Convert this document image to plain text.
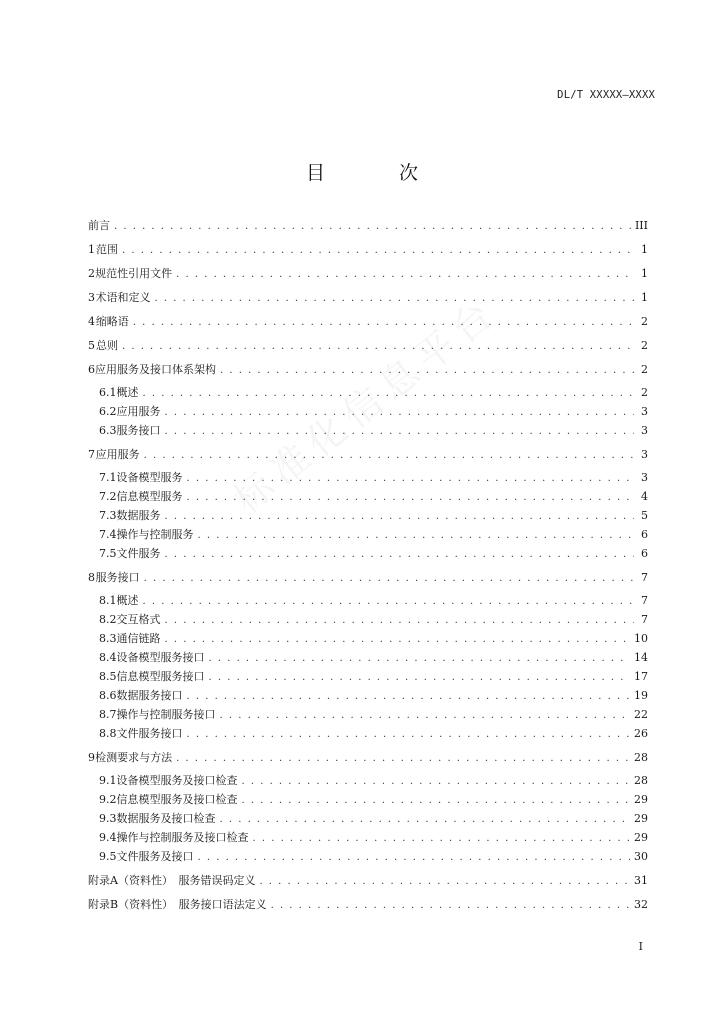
DL/T XXXXX—XXXX
目 次
标准化信息平台
前言 . . .	III
1 范围 . . .	1
2 规范性引用文件 . . .	1
3 术语和定义 . . .	1
4 缩略语 . . .	2
5 总则 . . .	2
6 应用服务及接口体系架构 . . .	2
6.1 概述 . . .	2
6.2 应用服务 . . .	3
6.3 服务接口 . . .	3
7 应用服务 . . .	3
7.1 设备模型服务 . . .	3
7.2 信息模型服务 . . .	4
7.3 数据服务 . . .	5
7.4 操作与控制服务 . . .	6
7.5 文件服务 . . .	6
8 服务接口 . . .	7
8.1 概述 . . .	7
8.2 交互格式 . . .	7
8.3 通信链路 . . .	10
8.4 设备模型服务接口 . . .	14
8.5 信息模型服务接口 . . .	17
8.6 数据服务接口 . . .	19
8.7 操作与控制服务接口 . . .	22
8.8 文件服务接口 . . .	26
9 检测要求与方法 . . .	28
9.1 设备模型服务及接口检查 . . .	28
9.2 信息模型服务及接口检查 . . .	29
9.3 数据服务及接口检查 . . .	29
9.4 操作与控制服务及接口检查 . . .	29
9.5 文件服务及接口 . . .	30
附录A（资料性）　服务错误码定义 . . .	31
附录B（资料性）　服务接口语法定义 . . .	32
I
